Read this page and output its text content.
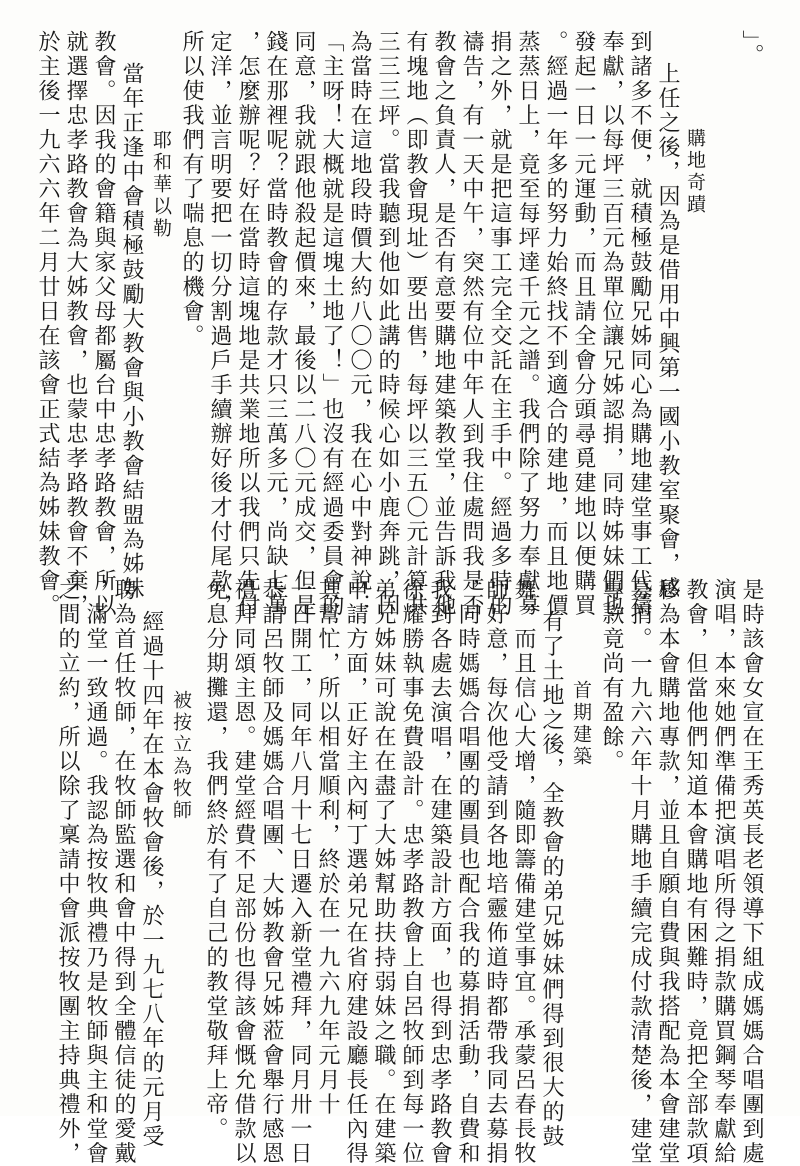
」。
購地奇蹟
上任之後，因為是借用中興第一國小教室聚會，感
到諸多不便，就積極鼓勵兄姊同心為購地建堂事工代禱
奉獻，以每坪三百元為單位讓兄姊認捐，同時姊妹們也
發起一日一元運動，而且請全會分頭尋覓建地以便購買
。經過一年多的努力始終找不到適合的建地，而且地價
蒸蒸日上，竟至每坪達千元之譜。我們除了努力奉獻募
捐之外，就是把這事工完全交託在主手中。經過多時的
禱告，有一天中午，突然有位中年人到我住處問我是否
教會之負責人，是否有意要購地建築教堂，並告訴我他
有塊地（即教會現址）要出售，每坪以三五〇元計算共
三三三坪。當我聽到他如此講的時候心如小鹿奔跳，因
為當時在這地段時價大約八〇〇元，我在心中對神說：
「主呀！大概就是這塊土地了！」也沒有經過委員會的
同意，我就跟他殺起價來，最後以二八〇元成交，但是
錢在那裡呢？當時教會的存款才只三萬多元，尚缺七萬
，怎麼辦呢？好在當時這塊地是共業地所以我們只先付
定洋，並言明要把一切分割過戶手續辦好後才付尾款，
所以使我們有了喘息的機會。
耶和華以勒
當年正逢中會積極鼓勵大教會與小教會結盟為姊妹
教會。因我的會籍與家父母都屬台中忠孝路教會，所以
就選擇忠孝路教會為大姊教會，也蒙忠孝路教會不棄，
於主後一九六六年二月廿日在該會正式結為姊妹教會。
是時該會女宣在王秀英長老領導下組成媽媽合唱團到處
演唱，本來她們準備把演唱所得之捐款購買鋼琴奉獻給
教會，但當他們知道本會購地有困難時，竟把全部款項
移為本會購地專款，並且自願自費與我搭配為本會建堂
募捐。一九六六年十月購地手續完成付款清楚後，建堂
專款竟尚有盈餘。
首期建築
有了土地之後，全教會的弟兄姊妹們得到很大的鼓
舞，而且信心大增，隨即籌備建堂事宜。承蒙呂春長牧
師好意，每次他受請到各地培靈佈道時都帶我同去募捐
，同時媽媽合唱團的團員也配合我的募捐活動，自費和
我到各處去演唱，在建築設計方面，也得到忠孝路教會
徐耀勝執事免費設計。忠孝路教會上自呂牧師到每一位
弟兄姊妹可說在在盡了大姊幫助扶持弱妹之職。在建築
申請方面，正好主內柯丁選弟兄在省府建設廳長任內得
其幫忙，所以相當順利，終於在一九六九年元月十
一日開工，同年八月十七日遷入新堂禮拜，同月卅一日
恭請呂牧師及媽媽合唱團、大姊教會兄姊蒞會舉行感恩
禮拜同頌主恩。建堂經費不足部份也得該會慨允借款以
免息分期攤還，我們終於有了自己的教堂敬拜上帝。
被按立為牧師
經過十四年在本會牧會後，於一九七八年的元月受
聘為首任牧師，在牧師監選和會中得到全體信徒的愛戴
，滿堂一致通過。我認為按牧典禮乃是牧師與主和堂會
之間的立約，所以除了稟請中會派按牧團主持典禮外，
